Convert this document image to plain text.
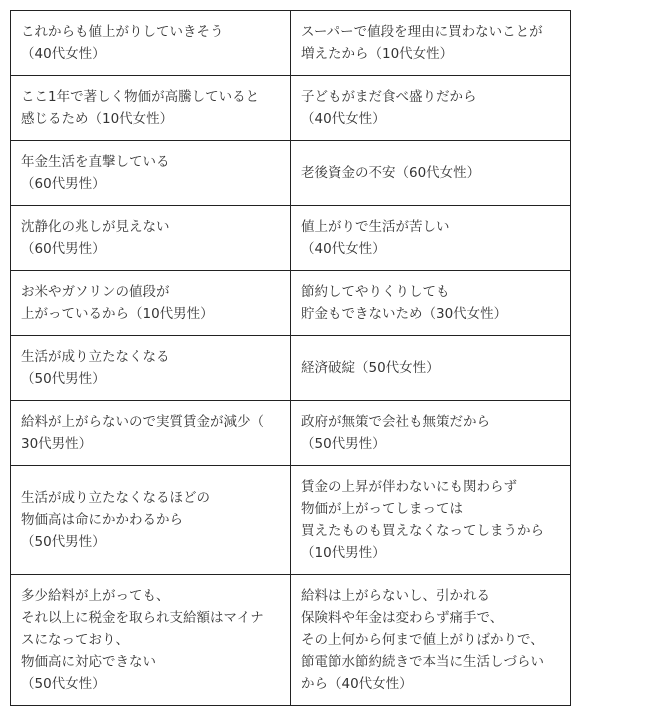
これからも値上がりしていきそう
（40代女性）	スーパーで値段を理由に買わないことが
増えたから（10代女性）

ここ1年で著しく物価が高騰していると
感じるため（10代女性）	子どもがまだ食べ盛りだから
（40代女性）

年金生活を直撃している
（60代男性）	老後資金の不安（60代女性）

沈静化の兆しが見えない
（60代男性）	値上がりで生活が苦しい
（40代女性）

お米やガソリンの値段が
上がっているから（10代男性）	節約してやりくりしても
貯金もできないため（30代女性）

生活が成り立たなくなる
（50代男性）	経済破綻（50代女性）

給料が上がらないので実質賃金が減少（
30代男性）	政府が無策で会社も無策だから
（50代男性）

生活が成り立たなくなるほどの
物価高は命にかかわるから
（50代男性）	賃金の上昇が伴わないにも関わらず
物価が上がってしまっては
買えたものも買えなくなってしまうから
（10代男性）

多少給料が上がっても、
それ以上に税金を取られ支給額はマイナ
スになっており、
物価高に対応できない
（50代女性）	給料は上がらないし、引かれる
保険料や年金は変わらず痛手で、
その上何から何まで値上がりばかりで、
節電節水節約続きで本当に生活しづらい
から（40代女性）
